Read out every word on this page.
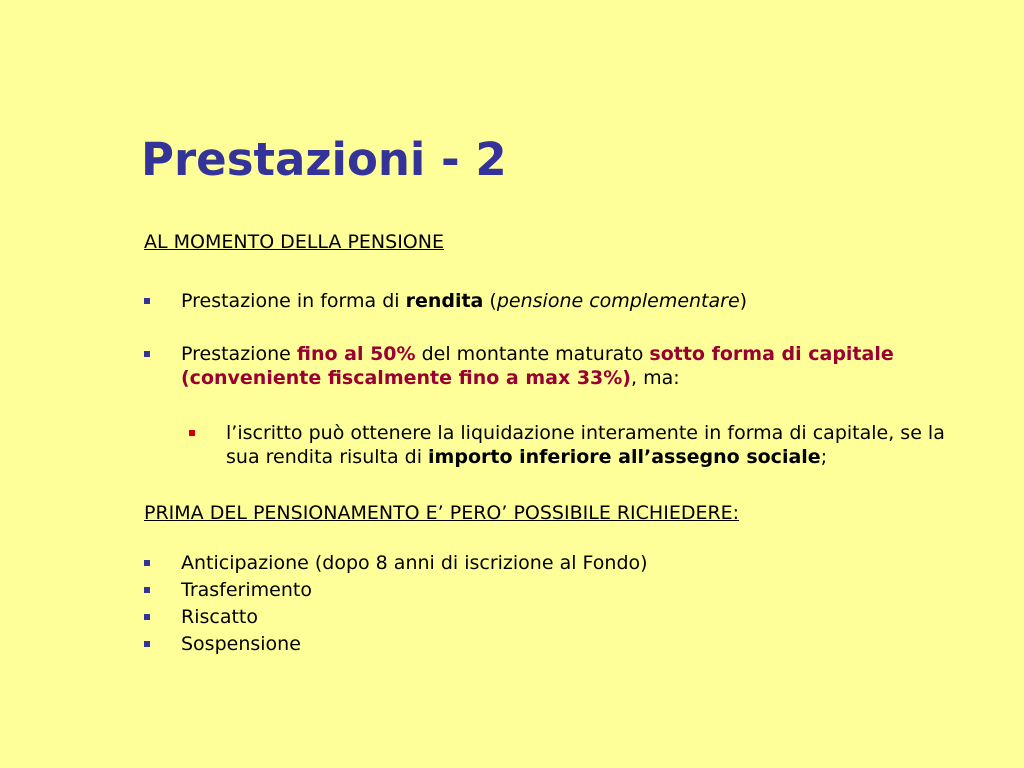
Prestazioni - 2

AL MOMENTO DELLA PENSIONE

Prestazione in forma di rendita (pensione complementare)
Prestazione fino al 50% del montante maturato sotto forma di capitale (conveniente fiscalmente fino a max 33%), ma:
l’iscritto può ottenere la liquidazione interamente in forma di capitale, se la sua rendita risulta di importo inferiore all’assegno sociale;

PRIMA DEL PENSIONAMENTO E’ PERO’ POSSIBILE RICHIEDERE:

Anticipazione (dopo 8 anni di iscrizione al Fondo)
Trasferimento
Riscatto
Sospensione
